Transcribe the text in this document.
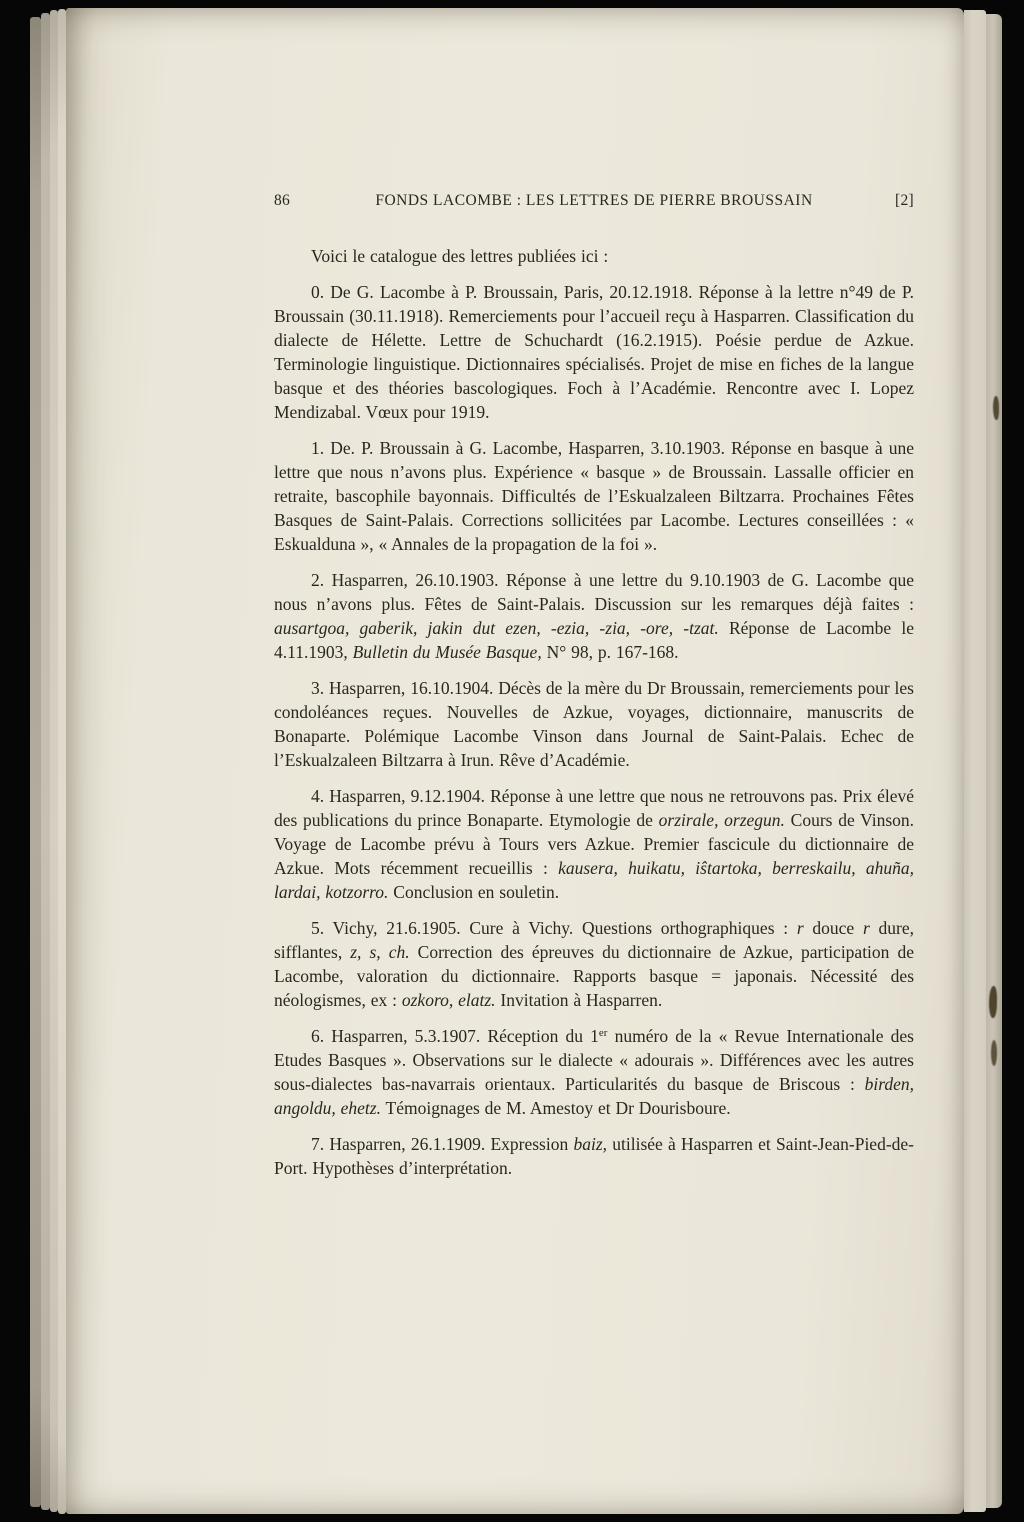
86	FONDS LACOMBE : LES LETTRES DE PIERRE BROUSSAIN	[2]

Voici le catalogue des lettres publiées ici :

0. De G. Lacombe à P. Broussain, Paris, 20.12.1918. Réponse à la lettre n°49 de P. Broussain (30.11.1918). Remerciements pour l’accueil reçu à Hasparren. Classification du dialecte de Hélette. Lettre de Schuchardt (16.2.1915). Poésie perdue de Azkue. Terminologie linguistique. Dictionnaires spécialisés. Projet de mise en fiches de la langue basque et des théories bascologiques. Foch à l’Académie. Rencontre avec I. Lopez Mendizabal. Vœux pour 1919.

1. De. P. Broussain à G. Lacombe, Hasparren, 3.10.1903. Réponse en basque à une lettre que nous n’avons plus. Expérience « basque » de Broussain. Lassalle officier en retraite, bascophile bayonnais. Difficultés de l’Eskualzaleen Biltzarra. Prochaines Fêtes Basques de Saint-Palais. Corrections sollicitées par Lacombe. Lectures conseillées : « Eskualduna », « Annales de la propagation de la foi ».

2. Hasparren, 26.10.1903. Réponse à une lettre du 9.10.1903 de G. Lacombe que nous n’avons plus. Fêtes de Saint-Palais. Discussion sur les remarques déjà faites : ausartgoa, gaberik, jakin dut ezen, -ezia, -zia, -ore, -tzat. Réponse de Lacombe le 4.11.1903, Bulletin du Musée Basque, N° 98, p. 167-168.

3. Hasparren, 16.10.1904. Décès de la mère du Dr Broussain, remerciements pour les condoléances reçues. Nouvelles de Azkue, voyages, dictionnaire, manuscrits de Bonaparte. Polémique Lacombe Vinson dans Journal de Saint-Palais. Echec de l’Eskualzaleen Biltzarra à Irun. Rêve d’Académie.

4. Hasparren, 9.12.1904. Réponse à une lettre que nous ne retrouvons pas. Prix élevé des publications du prince Bonaparte. Etymologie de orzirale, orzegun. Cours de Vinson. Voyage de Lacombe prévu à Tours vers Azkue. Premier fascicule du dictionnaire de Azkue. Mots récemment recueillis : kausera, huikatu, iŝtartoka, berreskailu, ahuña, lardai, kotzorro. Conclusion en souletin.

5. Vichy, 21.6.1905. Cure à Vichy. Questions orthographiques : r douce r dure, sifflantes, z, s, ch. Correction des épreuves du dictionnaire de Azkue, participation de Lacombe, valoration du dictionnaire. Rapports basque = japonais. Nécessité des néologismes, ex : ozkoro, elatz. Invitation à Hasparren.

6. Hasparren, 5.3.1907. Réception du 1er numéro de la « Revue Internationale des Etudes Basques ». Observations sur le dialecte « adourais ». Différences avec les autres sous-dialectes bas-navarrais orientaux. Particularités du basque de Briscous : birden, angoldu, ehetz. Témoignages de M. Amestoy et Dr Dourisboure.

7. Hasparren, 26.1.1909. Expression baiz, utilisée à Hasparren et Saint-Jean-Pied-de-Port. Hypothèses d’interprétation.
